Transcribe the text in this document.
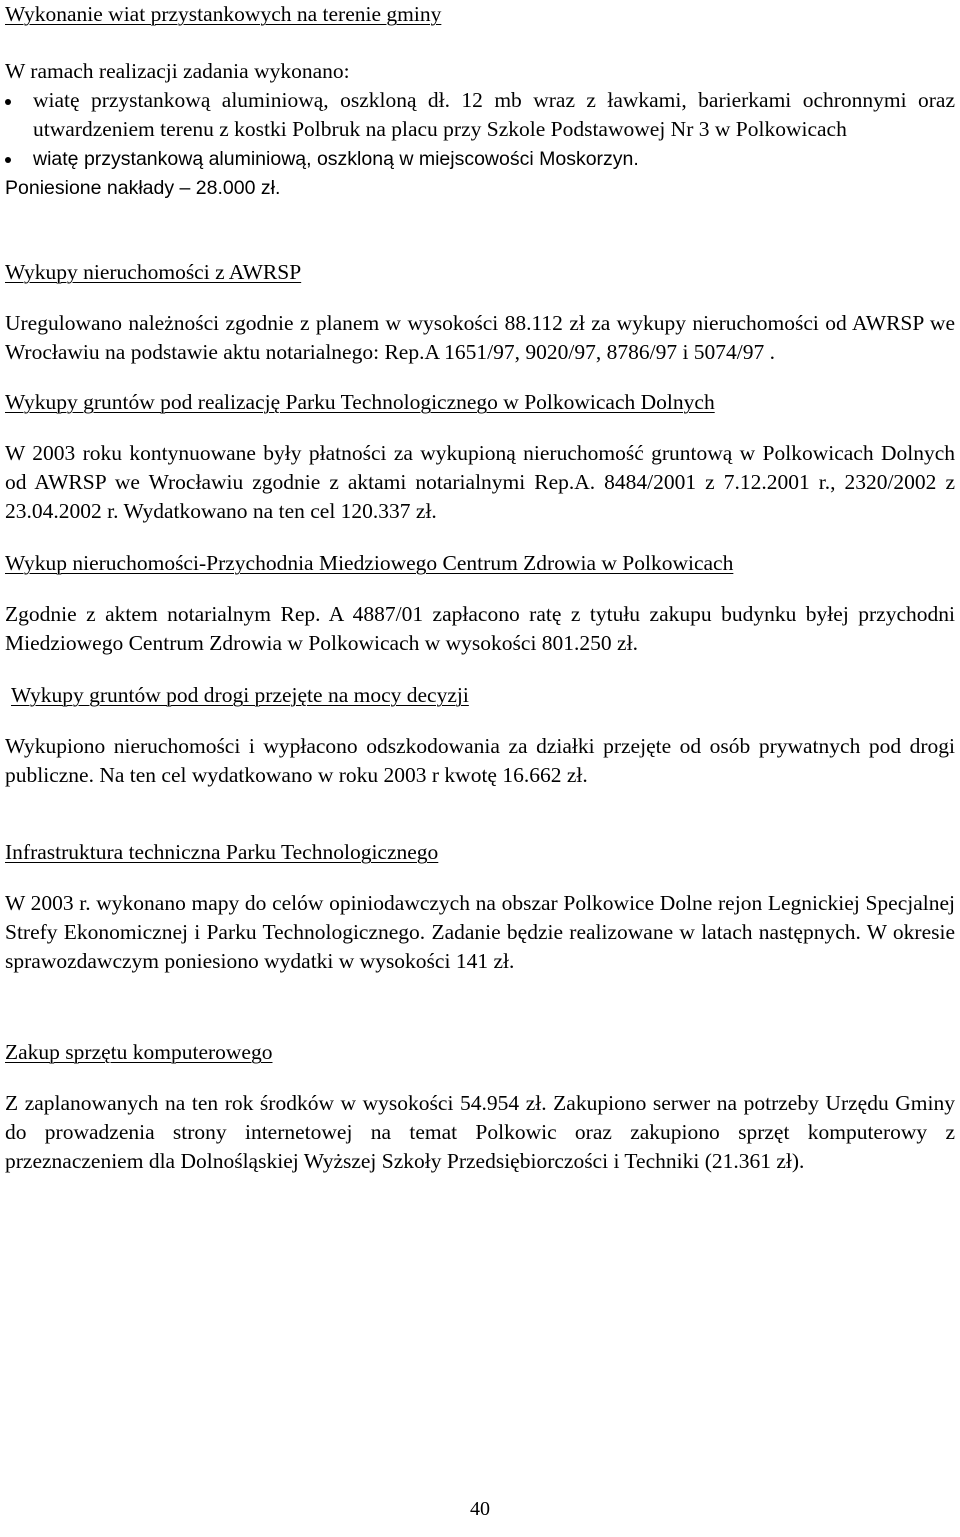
Wykonanie wiat przystankowych na terenie gminy

W ramach realizacji zadania wykonano:

wiatę przystankową aluminiową, oszkloną dł. 12 mb wraz z ławkami, barierkami ochronnymi oraz utwardzeniem terenu z kostki Polbruk na placu przy Szkole Podstawowej Nr 3 w Polkowicach
wiatę przystankową aluminiową, oszkloną w miejscowości Moskorzyn.

Poniesione nakłady – 28.000 zł.

Wykupy nieruchomości z AWRSP

Uregulowano należności zgodnie z planem w wysokości 88.112 zł za wykupy nieruchomości od AWRSP we Wrocławiu na podstawie aktu notarialnego: Rep.A 1651/97, 9020/97, 8786/97 i 5074/97 .

Wykupy gruntów pod realizację Parku Technologicznego w Polkowicach Dolnych

W 2003 roku kontynuowane były płatności za wykupioną nieruchomość gruntową w Polkowicach Dolnych od AWRSP we Wrocławiu zgodnie z aktami notarialnymi Rep.A. 8484/2001 z 7.12.2001 r., 2320/2002 z 23.04.2002 r. Wydatkowano na ten cel 120.337 zł.

Wykup nieruchomości-Przychodnia Miedziowego Centrum Zdrowia w Polkowicach

Zgodnie z aktem notarialnym Rep. A 4887/01 zapłacono ratę z tytułu zakupu budynku byłej przychodni Miedziowego Centrum Zdrowia w Polkowicach w wysokości 801.250 zł.

Wykupy gruntów pod drogi przejęte na mocy decyzji

Wykupiono nieruchomości i wypłacono odszkodowania za działki przejęte od osób prywatnych pod drogi publiczne. Na ten cel wydatkowano w roku 2003 r kwotę 16.662 zł.

Infrastruktura techniczna Parku Technologicznego

W 2003 r. wykonano mapy do celów opiniodawczych na obszar Polkowice Dolne rejon Legnickiej Specjalnej Strefy Ekonomicznej i Parku Technologicznego. Zadanie będzie realizowane w latach następnych. W okresie sprawozdawczym poniesiono wydatki w wysokości 141 zł.

Zakup sprzętu komputerowego

Z zaplanowanych na ten rok środków w wysokości 54.954 zł. Zakupiono serwer na potrzeby Urzędu Gminy do prowadzenia strony internetowej na temat Polkowic oraz zakupiono sprzęt komputerowy z przeznaczeniem dla Dolnośląskiej Wyższej Szkoły Przedsiębiorczości i Techniki (21.361 zł).

40
